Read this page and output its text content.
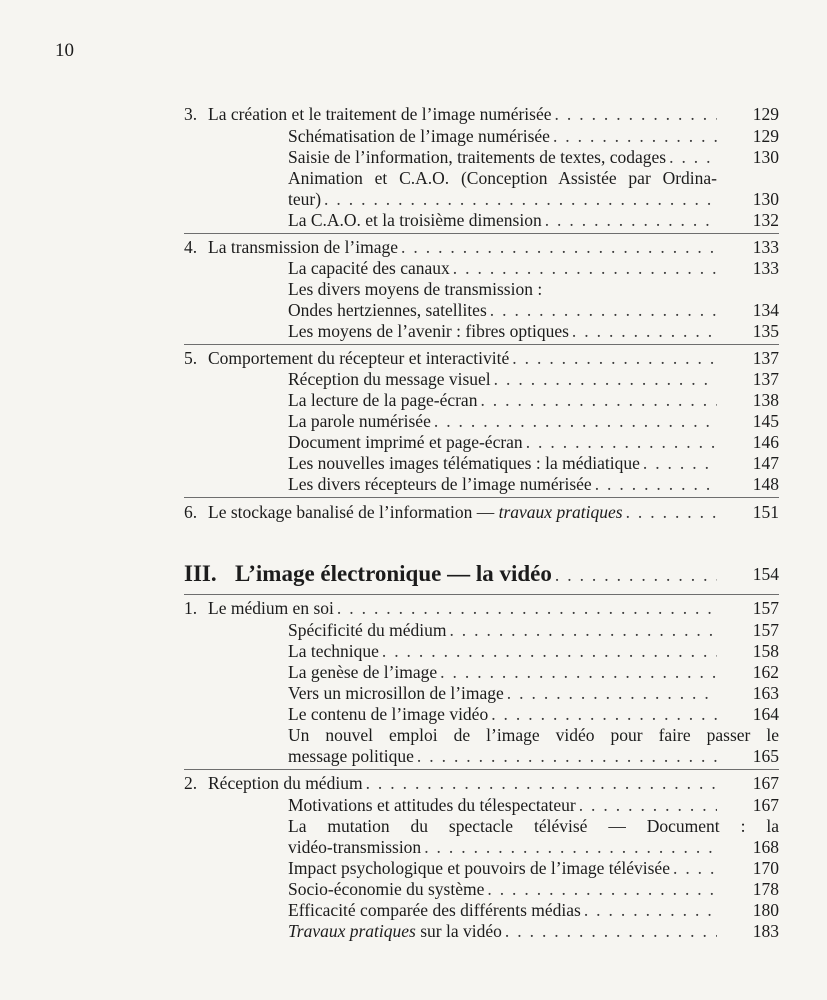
10
3. La création et le traitement de l’image numérisée . . .	129
Schématisation de l’image numérisée . . .	129
Saisie de l’information, traitements de textes, codages . . .	130
Animation et C.A.O. (Conception Assistée par Ordina-
teur) . . .	130
La C.A.O. et la troisième dimension . . .	132
4. La transmission de l’image . . .	133
La capacité des canaux . . .	133
Les divers moyens de transmission :
Ondes hertziennes, satellites . . .	134
Les moyens de l’avenir : fibres optiques . . .	135
5. Comportement du récepteur et interactivité . . .	137
Réception du message visuel . . .	137
La lecture de la page-écran . . .	138
La parole numérisée . . .	145
Document imprimé et page-écran . . .	146
Les nouvelles images télématiques : la médiatique . . .	147
Les divers récepteurs de l’image numérisée . . .	148
6. Le stockage banalisé de l’information — travaux pratiques . . .	151
III. L’image électronique — la vidéo . . .	154
1. Le médium en soi . . .	157
Spécificité du médium . . .	157
La technique . . .	158
La genèse de l’image . . .	162
Vers un microsillon de l’image . . .	163
Le contenu de l’image vidéo . . .	164
Un nouvel emploi de l’image vidéo pour faire passer le
message politique . . .	165
2. Réception du médium . . .	167
Motivations et attitudes du télespectateur . . .	167
La mutation du spectacle télévisé — Document : la
vidéo-transmission . . .	168
Impact psychologique et pouvoirs de l’image télévisée . . .	170
Socio-économie du système . . .	178
Efficacité comparée des différents médias . . .	180
Travaux pratiques sur la vidéo . . .	183
